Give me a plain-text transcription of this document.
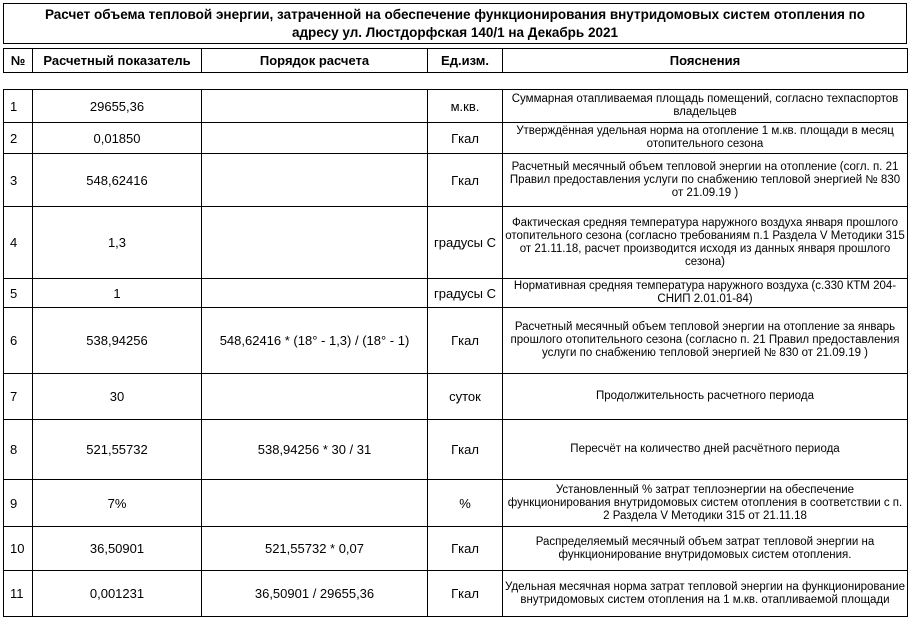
Расчет объема тепловой энергии, затраченной на обеспечение функционирования внутридомовых систем отопления по
адресу ул. Люстдорфская 140/1 на Декабрь 2021
№	Расчетный показатель	Порядок расчета	Ед.изм.	Пояснения

1	29655,36		м.кв.	Суммарная отапливаемая площадь помещений, согласно техпаспортов владельцев
2	0,01850		Гкал	Утверждённая удельная норма на отопление 1 м.кв. площади в месяц отопительного сезона
3	548,62416		Гкал	Расчетный месячный объем тепловой энергии на отопление (согл. п. 21 Правил предоставления услуги по снабжению тепловой энергией № 830 от 21.09.19 )
4	1,3		градусы С	Фактическая средняя температура наружного воздуха января прошлого отопительного сезона (согласно требованиям п.1 Раздела V Методики 315 от 21.11.18, расчет производится исходя из данных января прошлого сезона)
5	1		градусы С	Нормативная средняя температура наружного воздуха (с.330 КТМ 204-СНИП 2.01.01-84)
6	538,94256	548,62416 * (18° - 1,3) / (18° - 1)	Гкал	Расчетный месячный объем тепловой энергии на отопление за январь прошлого отопительного сезона (согласно п. 21 Правил предоставления услуги по снабжению тепловой энергией № 830 от 21.09.19 )
7	30		суток	Продолжительность расчетного периода
8	521,55732	538,94256 * 30 / 31	Гкал	Пересчёт на количество дней расчётного периода
9	7%		%	Установленный % затрат теплоэнергии на обеспечение функционирования внутридомовых систем отопления в соответствии с п. 2 Раздела V Методики 315 от 21.11.18
10	36,50901	521,55732 * 0,07	Гкал	Распределяемый месячный объем затрат тепловой энергии на функционирование внутридомовых систем отопления.
11	0,001231	36,50901 / 29655,36	Гкал	Удельная месячная норма затрат тепловой энергии на функционирование внутридомовых систем отопления на 1 м.кв. отапливаемой площади
